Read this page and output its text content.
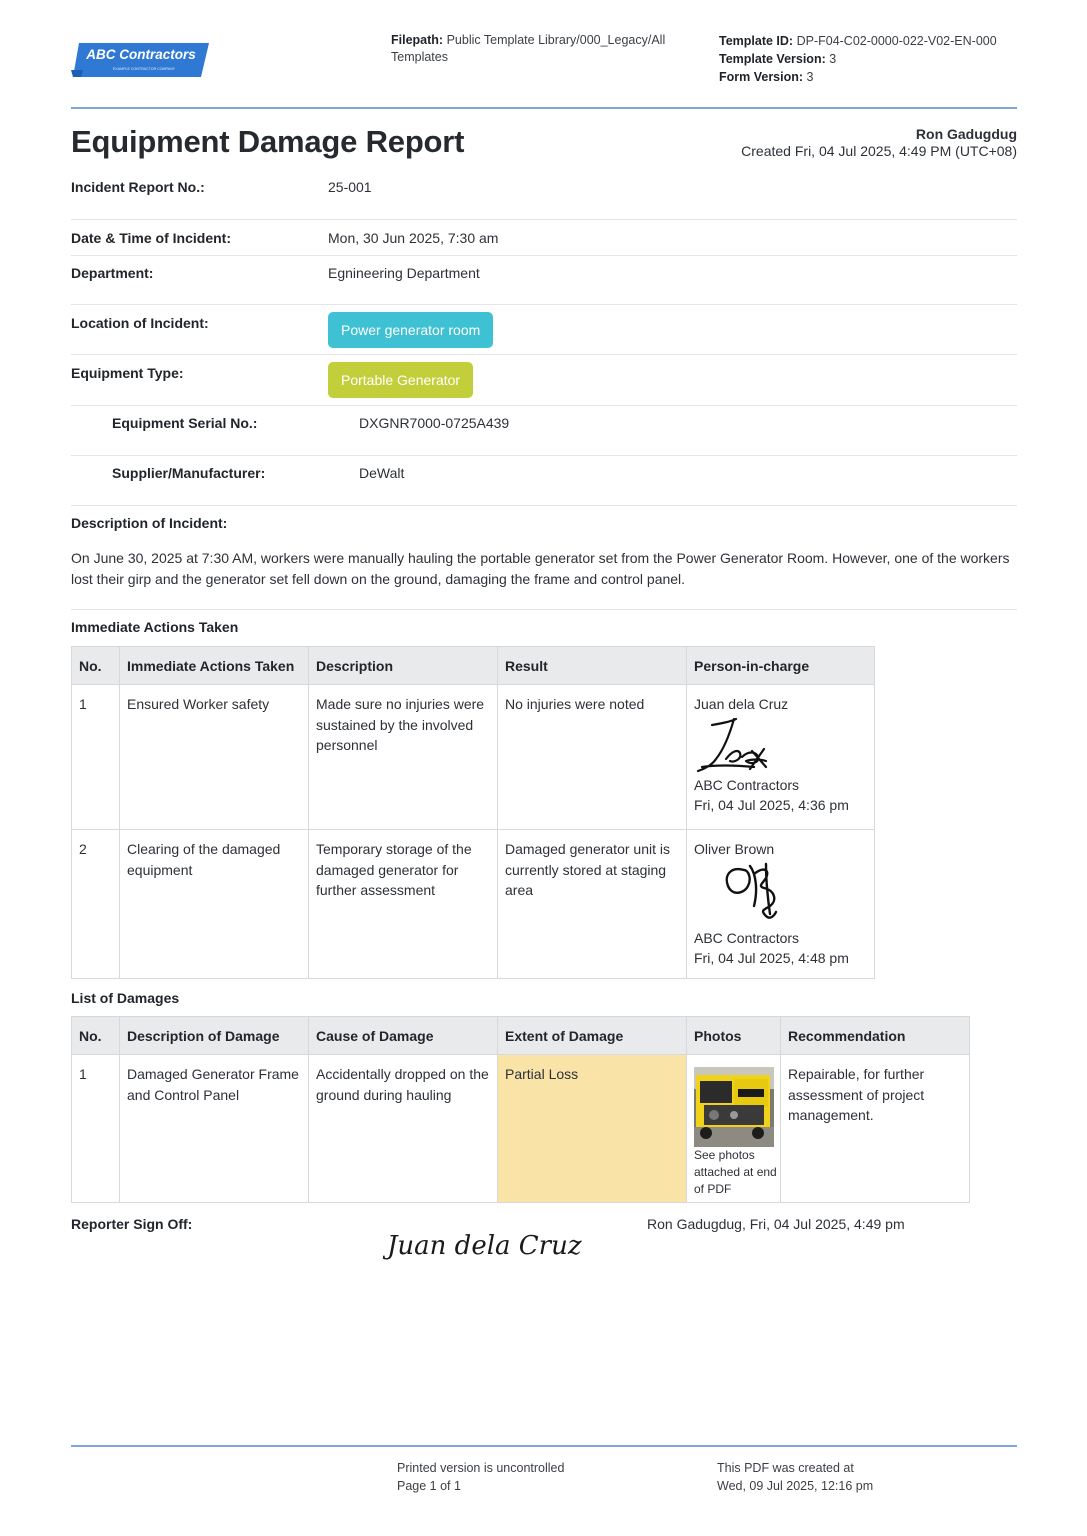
ABC Contractors
EXAMPLE CONTRACTOR COMPANY
Filepath: Public Template Library/000_Legacy/All Templates
Template ID: DP-F04-C02-0000-022-V02-EN-000
Template Version: 3
Form Version: 3
Equipment Damage Report	Ron Gadugdug
Created Fri, 04 Jul 2025, 4:49 PM (UTC+08)
Incident Report No.:	25-001
Date & Time of Incident:	Mon, 30 Jun 2025, 7:30 am
Department:	Egnineering Department
Location of Incident:	Power generator room
Equipment Type:	Portable Generator
Equipment Serial No.:	DXGNR7000-0725A439
Supplier/Manufacturer:	DeWalt
Description of Incident:
On June 30, 2025 at 7:30 AM, workers were manually hauling the portable generator set from the Power Generator Room. However, one of the workers lost their girp and the generator set fell down on the ground, damaging the frame and control panel.
Immediate Actions Taken
No.	Immediate Actions Taken	Description	Result	Person-in-charge
1	Ensured Worker safety	Made sure no injuries were sustained by the involved personnel	No injuries were noted	Juan dela Cruz
ABC Contractors
Fri, 04 Jul 2025, 4:36 pm

2	Clearing of the damaged equipment	Temporary storage of the damaged generator for further assessment	Damaged generator unit is currently stored at staging area	Oliver Brown
ABC Contractors
Fri, 04 Jul 2025, 4:48 pm
List of Damages
No.	Description of Damage	Cause of Damage	Extent of Damage	Photos	Recommendation
1	Damaged Generator Frame and Control Panel	Accidentally dropped on the ground during hauling	Partial Loss	See photos attached at end of PDF	Repairable, for further assessment of project management.
Reporter Sign Off:
Juan dela Cruz
Ron Gadugdug, Fri, 04 Jul 2025, 4:49 pm
Printed version is uncontrolled
Page 1 of 1
This PDF was created at
Wed, 09 Jul 2025, 12:16 pm
